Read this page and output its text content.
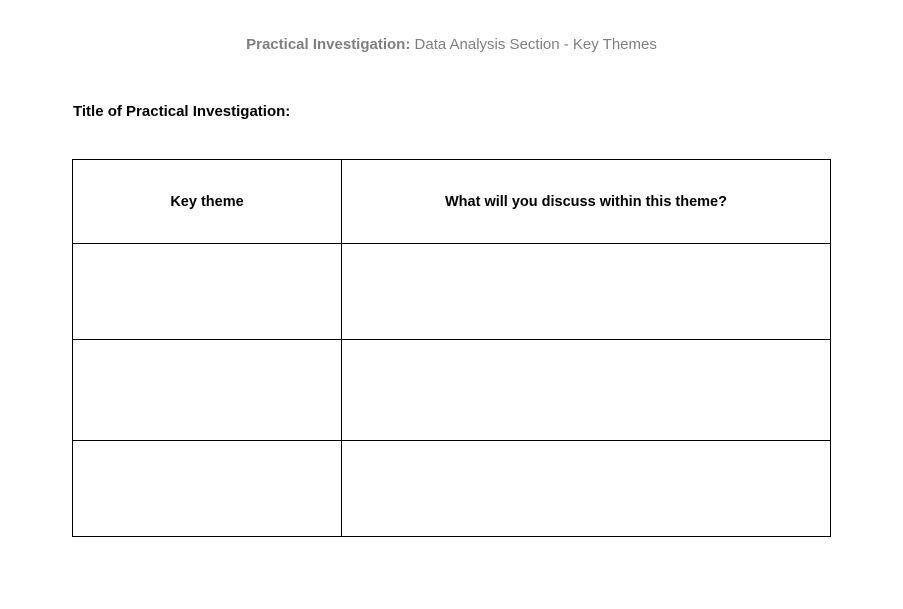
Practical Investigation: Data Analysis Section - Key Themes
Title of Practical Investigation:
Key theme	What will you discuss within this theme?
